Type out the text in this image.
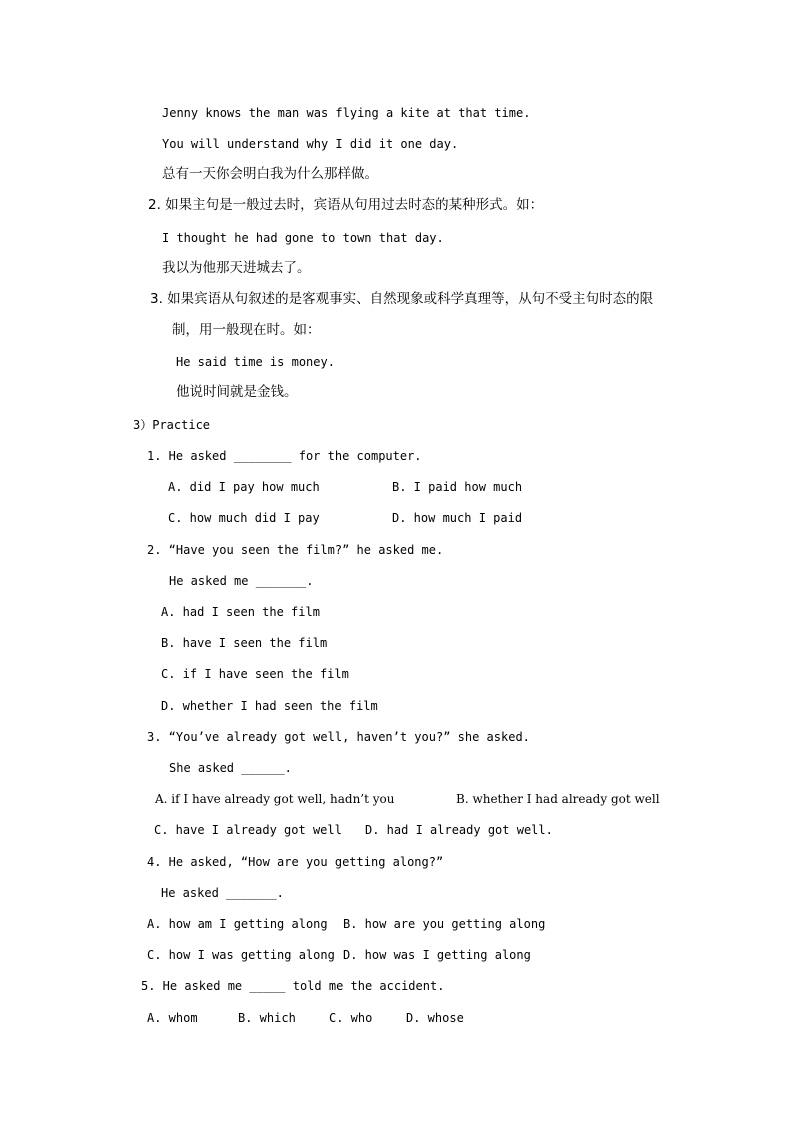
Jenny knows the man was flying a kite at that time.
You will understand why I did it one day.
总有一天你会明白我为什么那样做。
2. 如果主句是一般过去时，宾语从句用过去时态的某种形式。如：
I thought he had gone to town that day.
我以为他那天进城去了。
3. 如果宾语从句叙述的是客观事实、自然现象或科学真理等，从句不受主句时态的限
制，用一般现在时。如：
He said time is money.
他说时间就是金钱。
3）Practice
1. He asked ________ for the computer.
A. did I pay how much	B. I paid how much
C. how much did I pay	D. how much I paid
2. “Have you seen the film?” he asked me.
He asked me _______.
A. had I seen the film
B. have I seen the film
C. if I have seen the film
D. whether I had seen the film
3. “You’ve already got well, haven’t you?” she asked.
She asked ______.
A. if I have already got well, hadn’t you	B. whether I had already got well
C. have I already got well D. had I already got well.
4. He asked, “How are you getting along?”
He asked _______.
A. how am I getting along B. how are you getting along
C. how I was getting along D. how was I getting along
5. He asked me _____ told me the accident.
A. whom	B. which	C. who	D. whose
